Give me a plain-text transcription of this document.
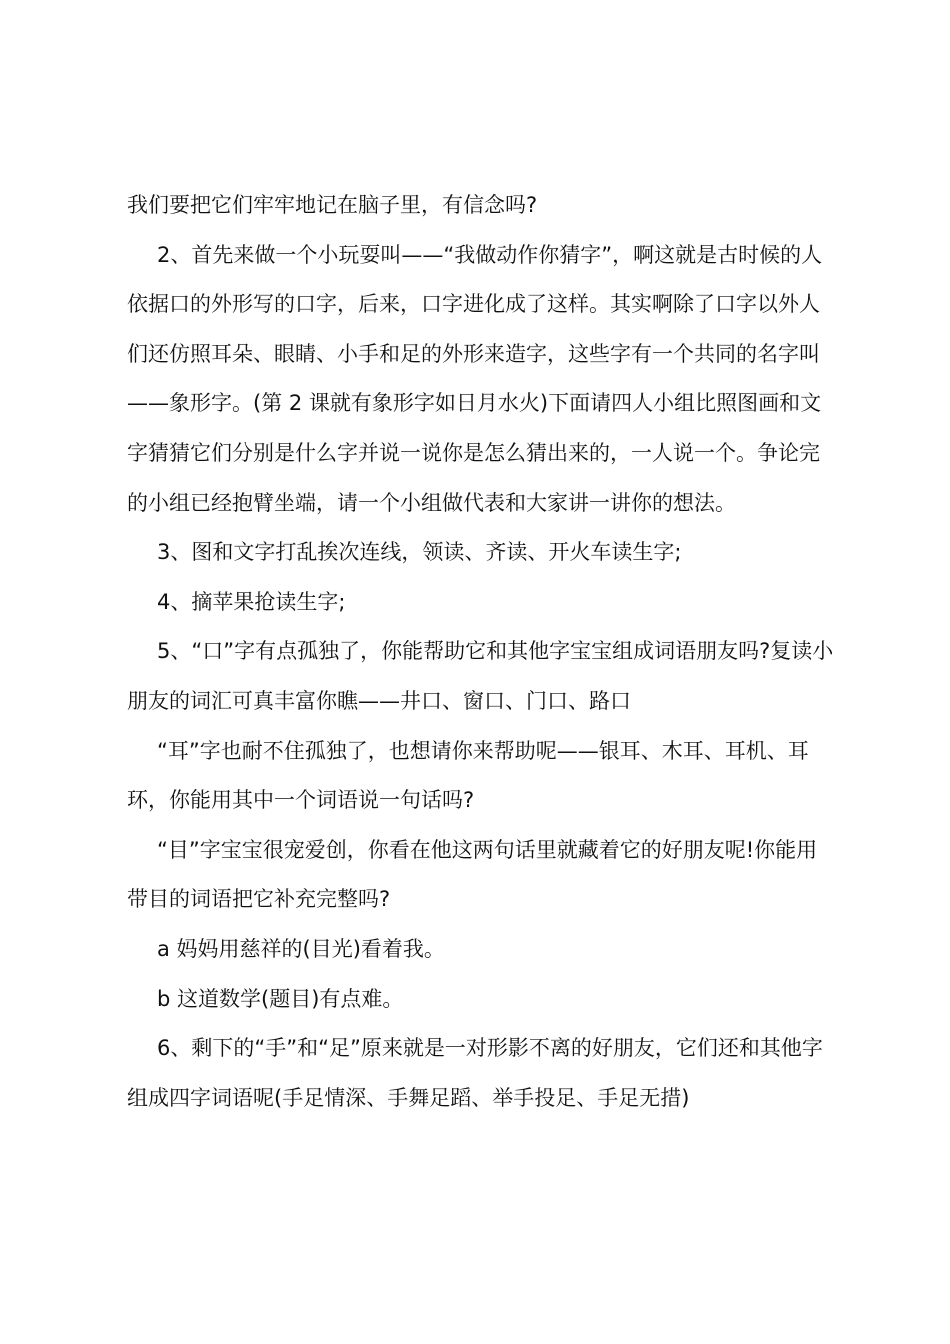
我们要把它们牢牢地记在脑子里，有信念吗?

2、首先来做一个小玩耍叫——“我做动作你猜字”，啊这就是古时候的人依据口的外形写的口字，后来，口字进化成了这样。其实啊除了口字以外人们还仿照耳朵、眼睛、小手和足的外形来造字，这些字有一个共同的名字叫——象形字。(第 2 课就有象形字如日月水火)下面请四人小组比照图画和文字猜猜它们分别是什么字并说一说你是怎么猜出来的，一人说一个。争论完的小组已经抱臂坐端，请一个小组做代表和大家讲一讲你的想法。

3、图和文字打乱挨次连线，领读、齐读、开火车读生字;

4、摘苹果抢读生字;

5、“口”字有点孤独了，你能帮助它和其他字宝宝组成词语朋友吗?复读小朋友的词汇可真丰富你瞧——井口、窗口、门口、路口

“耳”字也耐不住孤独了，也想请你来帮助呢——银耳、木耳、耳机、耳环，你能用其中一个词语说一句话吗?

“目”字宝宝很宠爱创，你看在他这两句话里就藏着它的好朋友呢!你能用带目的词语把它补充完整吗?

a 妈妈用慈祥的(目光)看着我。

b 这道数学(题目)有点难。

6、剩下的“手”和“足”原来就是一对形影不离的好朋友，它们还和其他字组成四字词语呢(手足情深、手舞足蹈、举手投足、手足无措)
